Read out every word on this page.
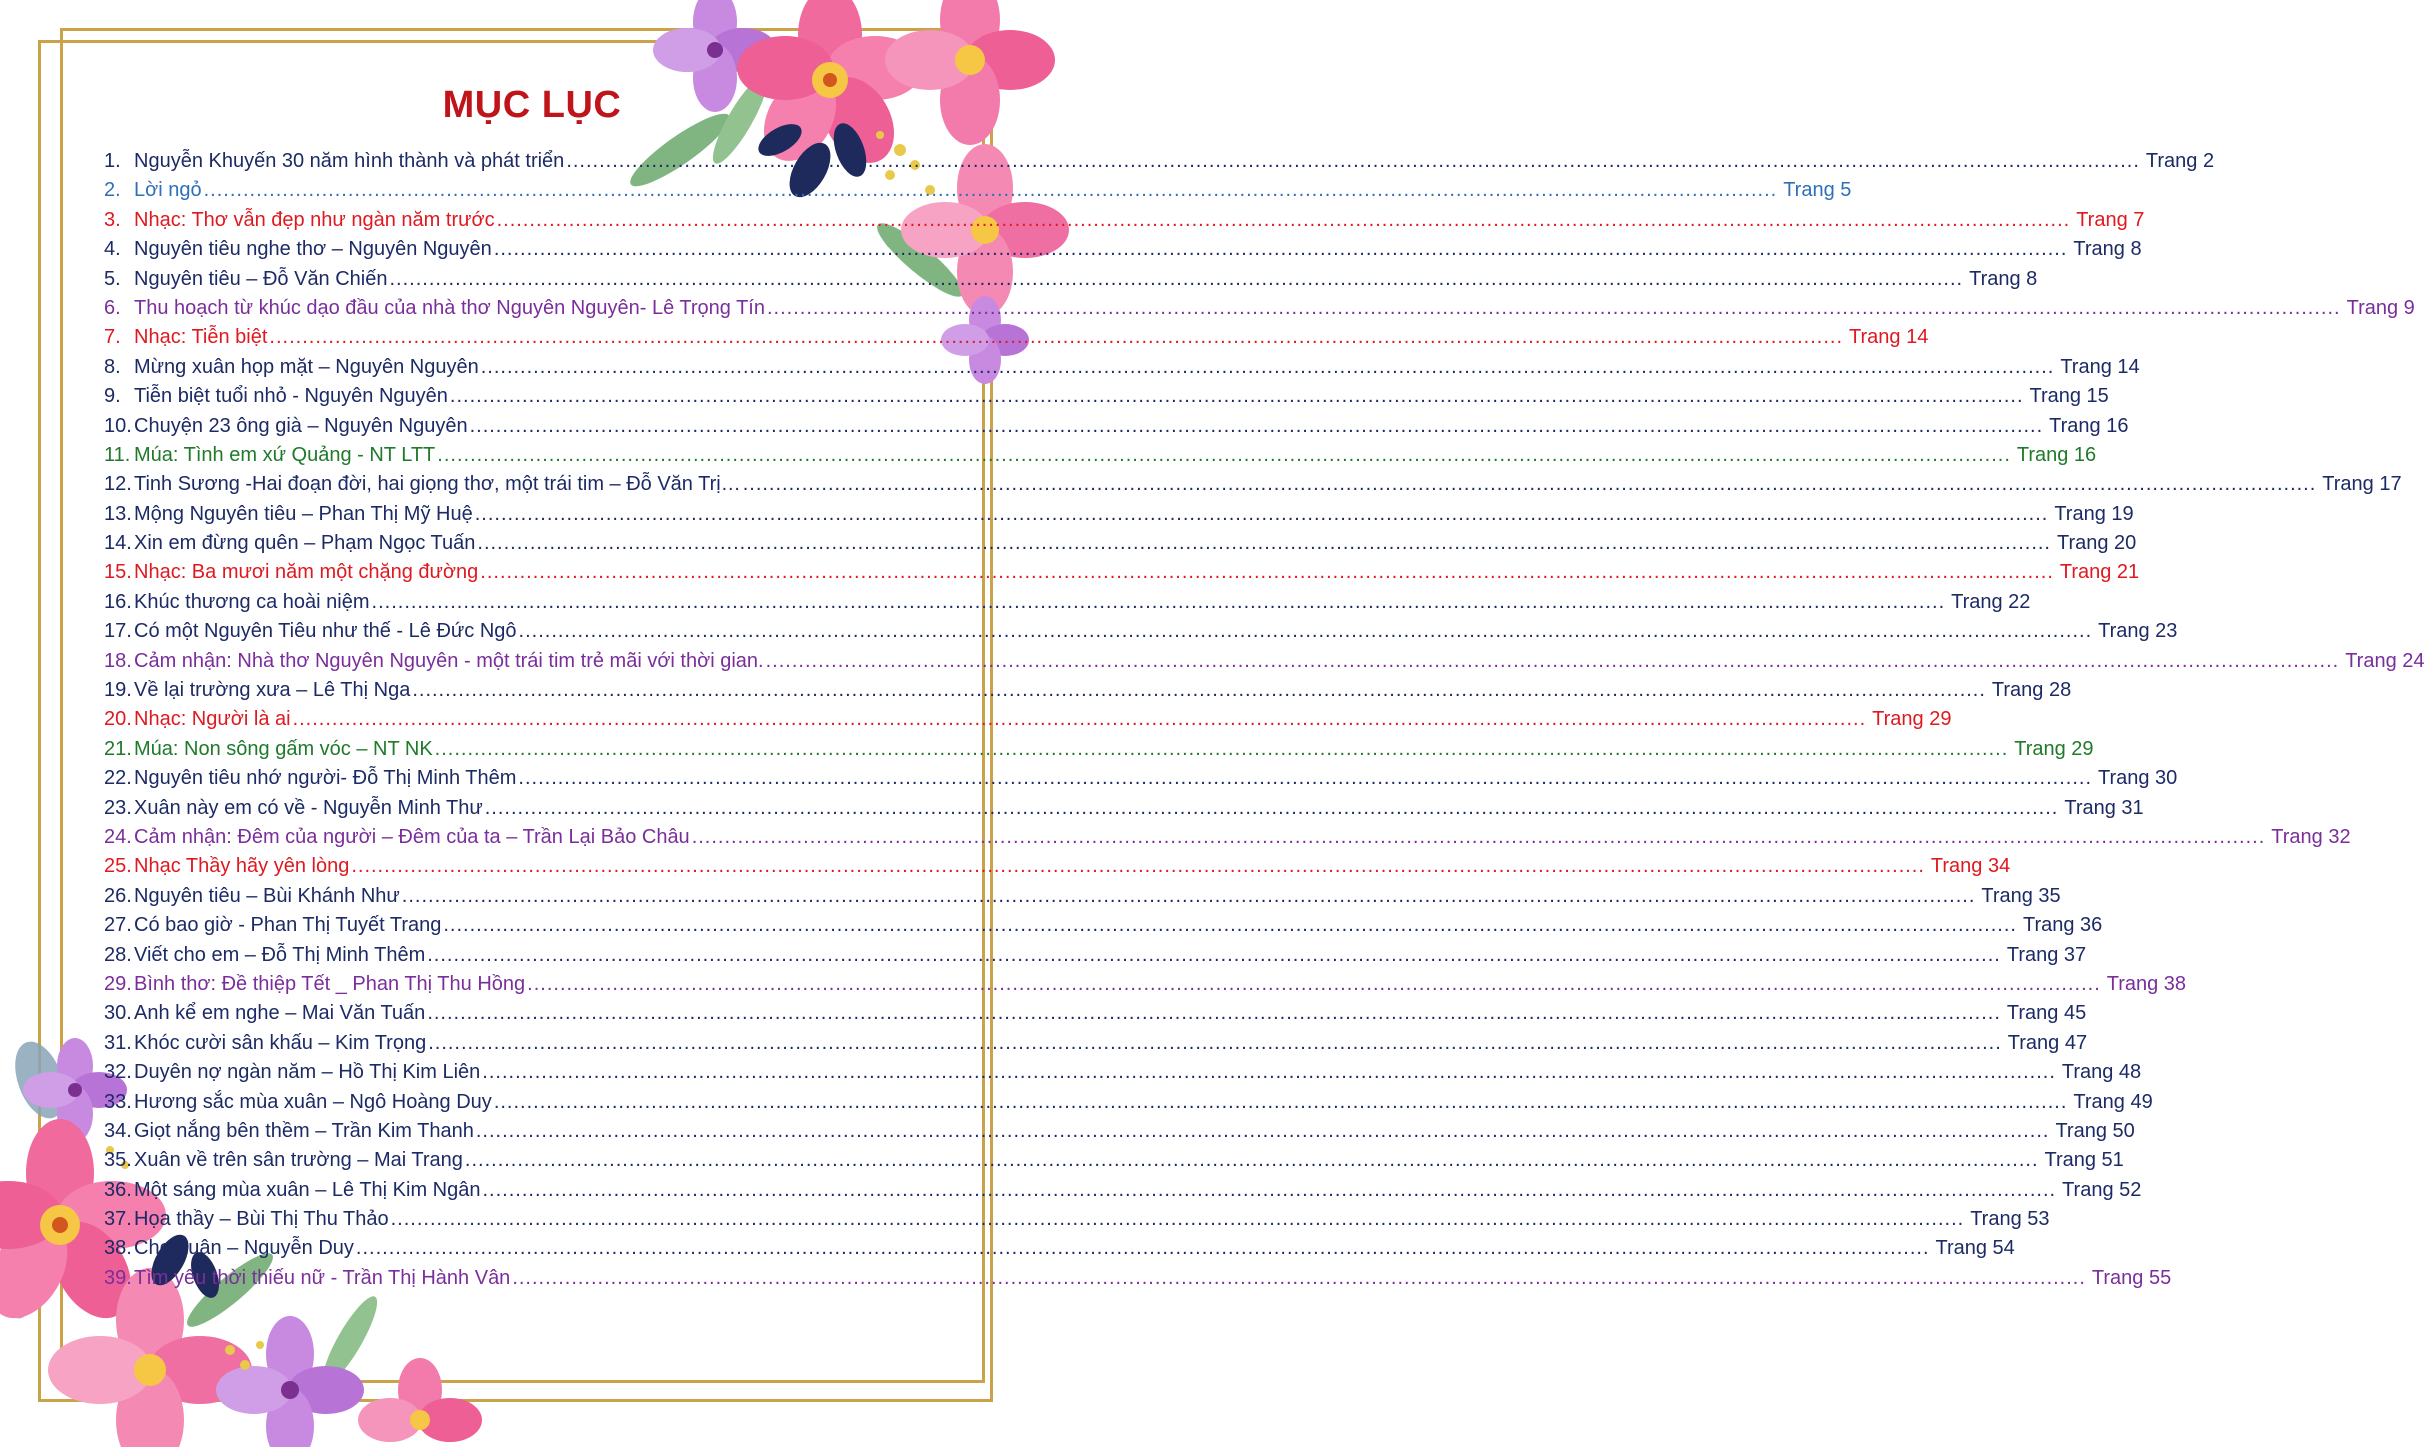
MỤC LỤC
1. Nguyễn Khuyến 30 năm hình thành và phát triển .....	Trang 2
2. Lời ngỏ .....	Trang 5
3. Nhạc: Thơ vẫn đẹp như ngàn năm trước .....	Trang 7
4. Nguyên tiêu nghe thơ – Nguyên Nguyên .....	Trang 8
5. Nguyên tiêu – Đỗ Văn Chiến .....	Trang 8
6. Thu hoạch từ khúc dạo đầu của nhà thơ Nguyên Nguyên- Lê Trọng Tín .....	Trang 9
7. Nhạc: Tiễn biệt .....	Trang 14
8. Mừng xuân họp mặt – Nguyên Nguyên .....	Trang 14
9. Tiễn biệt tuổi nhỏ - Nguyên Nguyên .....	Trang 15
10. Chuyện 23 ông già – Nguyên Nguyên .....	Trang 16
11. Múa: Tình em xứ Quảng - NT LTT .....	Trang 16
12. Tinh Sương -Hai đoạn đời, hai giọng thơ, một trái tim – Đỗ Văn Trị… .....	Trang 17
13. Mộng Nguyên tiêu – Phan Thị Mỹ Huệ .....	Trang 19
14. Xin em đừng quên – Phạm Ngọc Tuấn .....	Trang 20
15. Nhạc: Ba mươi năm một chặng đường .....	Trang 21
16. Khúc thương ca hoài niệm .....	Trang 22
17. Có một Nguyên Tiêu như thế - Lê Đức Ngô .....	Trang 23
18. Cảm nhận: Nhà thơ Nguyên Nguyên - một trái tim trẻ mãi với thời gian. .....	Trang 24
19. Về lại trường xưa – Lê Thị Nga .....	Trang 28
20. Nhạc: Người là ai .....	Trang 29
21. Múa: Non sông gấm vóc – NT NK .....	Trang 29
22. Nguyên tiêu nhớ người- Đỗ Thị Minh Thêm .....	Trang 30
23. Xuân này em có về - Nguyễn Minh Thư .....	Trang 31
24. Cảm nhận: Đêm của người – Đêm của ta – Trần Lại Bảo Châu .....	Trang 32
25. Nhạc Thầy hãy yên lòng .....	Trang 34
26. Nguyên tiêu – Bùi Khánh Như .....	Trang 35
27. Có bao giờ - Phan Thị Tuyết Trang .....	Trang 36
28. Viết cho em – Đỗ Thị Minh Thêm .....	Trang 37
29. Bình thơ: Đề thiệp Tết _ Phan Thị Thu Hồng .....	Trang 38
30. Anh kể em nghe – Mai Văn Tuấn .....	Trang 45
31. Khóc cười sân khấu – Kim Trọng .....	Trang 47
32. Duyên nợ ngàn năm – Hồ Thị Kim Liên .....	Trang 48
33. Hương sắc mùa xuân – Ngô Hoàng Duy .....	Trang 49
34. Giọt nắng bên thềm – Trần Kim Thanh .....	Trang 50
35. Xuân về trên sân trường – Mai Trang .....	Trang 51
36. Một sáng mùa xuân – Lê Thị Kim Ngân .....	Trang 52
37. Họa thầy – Bùi Thị Thu Thảo .....	Trang 53
38. Chợ xuân – Nguyễn Duy .....	Trang 54
39. Tìm yêu thời thiếu nữ - Trần Thị Hành Vân .....	Trang 55
